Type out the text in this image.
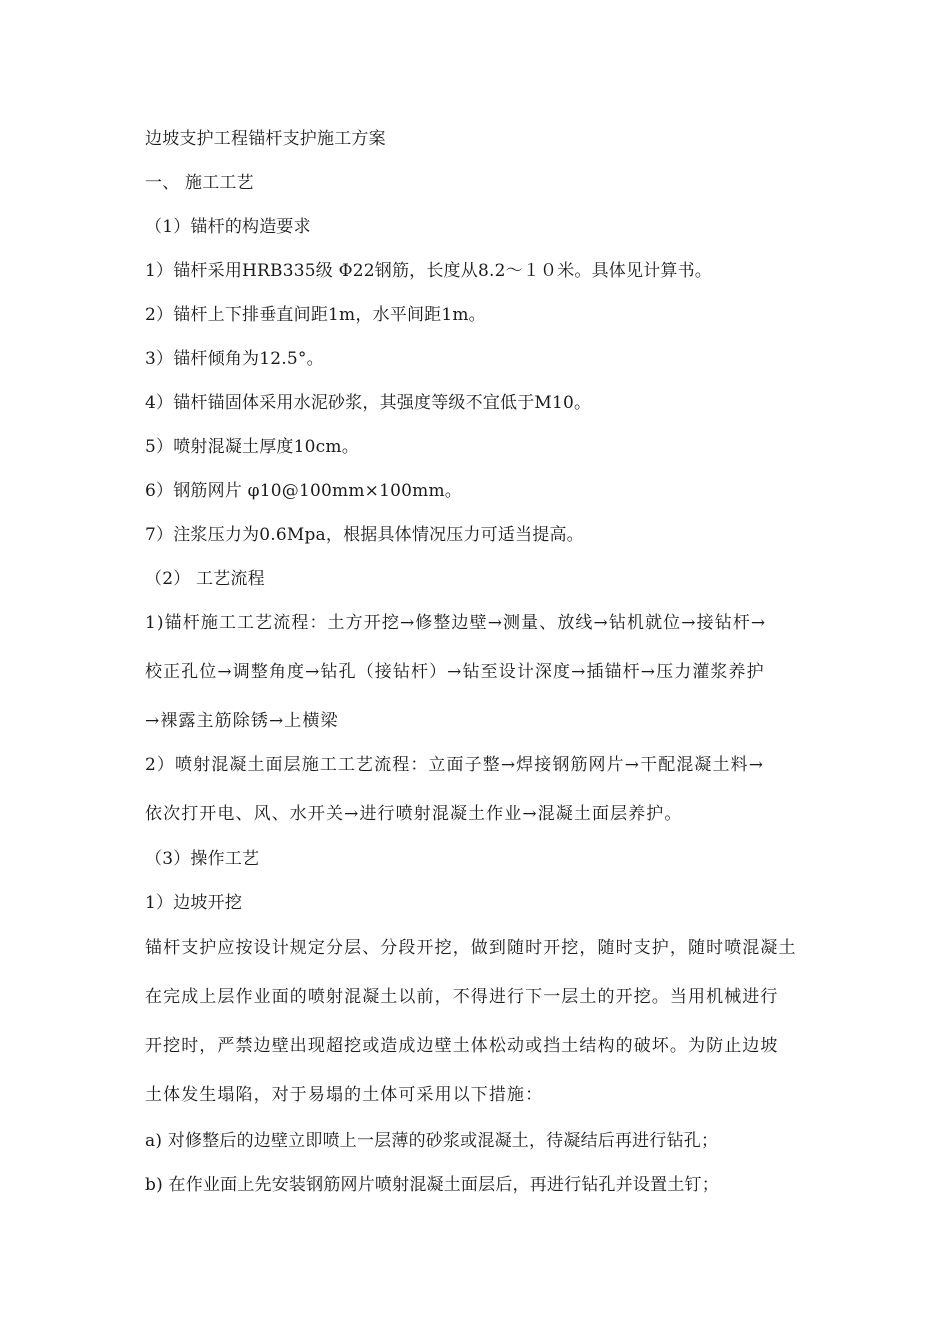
边坡支护工程锚杆支护施工方案
一、 施工工艺
（1）锚杆的构造要求
1）锚杆采用HRB335级 Φ22钢筋，长度从8.2～１０米。具体见计算书。
2）锚杆上下排垂直间距1m，水平间距1m。
3）锚杆倾角为12.5°。
4）锚杆锚固体采用水泥砂浆，其强度等级不宜低于M10。
5）喷射混凝土厚度10cm。
6）钢筋网片 φ10@100mm×100mm。
7）注浆压力为0.6Mpa，根据具体情况压力可适当提高。
（2） 工艺流程
1)锚杆施工工艺流程：土方开挖→修整边壁→测量、放线→钻机就位→接钻杆→
校正孔位→调整角度→钻孔（接钻杆）→钻至设计深度→插锚杆→压力灌浆养护
→裸露主筋除锈→上横梁
2）喷射混凝土面层施工工艺流程：立面子整→焊接钢筋网片→干配混凝土料→
依次打开电、风、水开关→进行喷射混凝土作业→混凝土面层养护。
（3）操作工艺
1）边坡开挖
锚杆支护应按设计规定分层、分段开挖，做到随时开挖，随时支护，随时喷混凝土
在完成上层作业面的喷射混凝土以前，不得进行下一层土的开挖。当用机械进行
开挖时，严禁边壁出现超挖或造成边壁土体松动或挡土结构的破坏。为防止边坡
土体发生塌陷，对于易塌的土体可采用以下措施：
a) 对修整后的边壁立即喷上一层薄的砂浆或混凝土，待凝结后再进行钻孔；
b) 在作业面上先安装钢筋网片喷射混凝土面层后，再进行钻孔并设置土钉；
